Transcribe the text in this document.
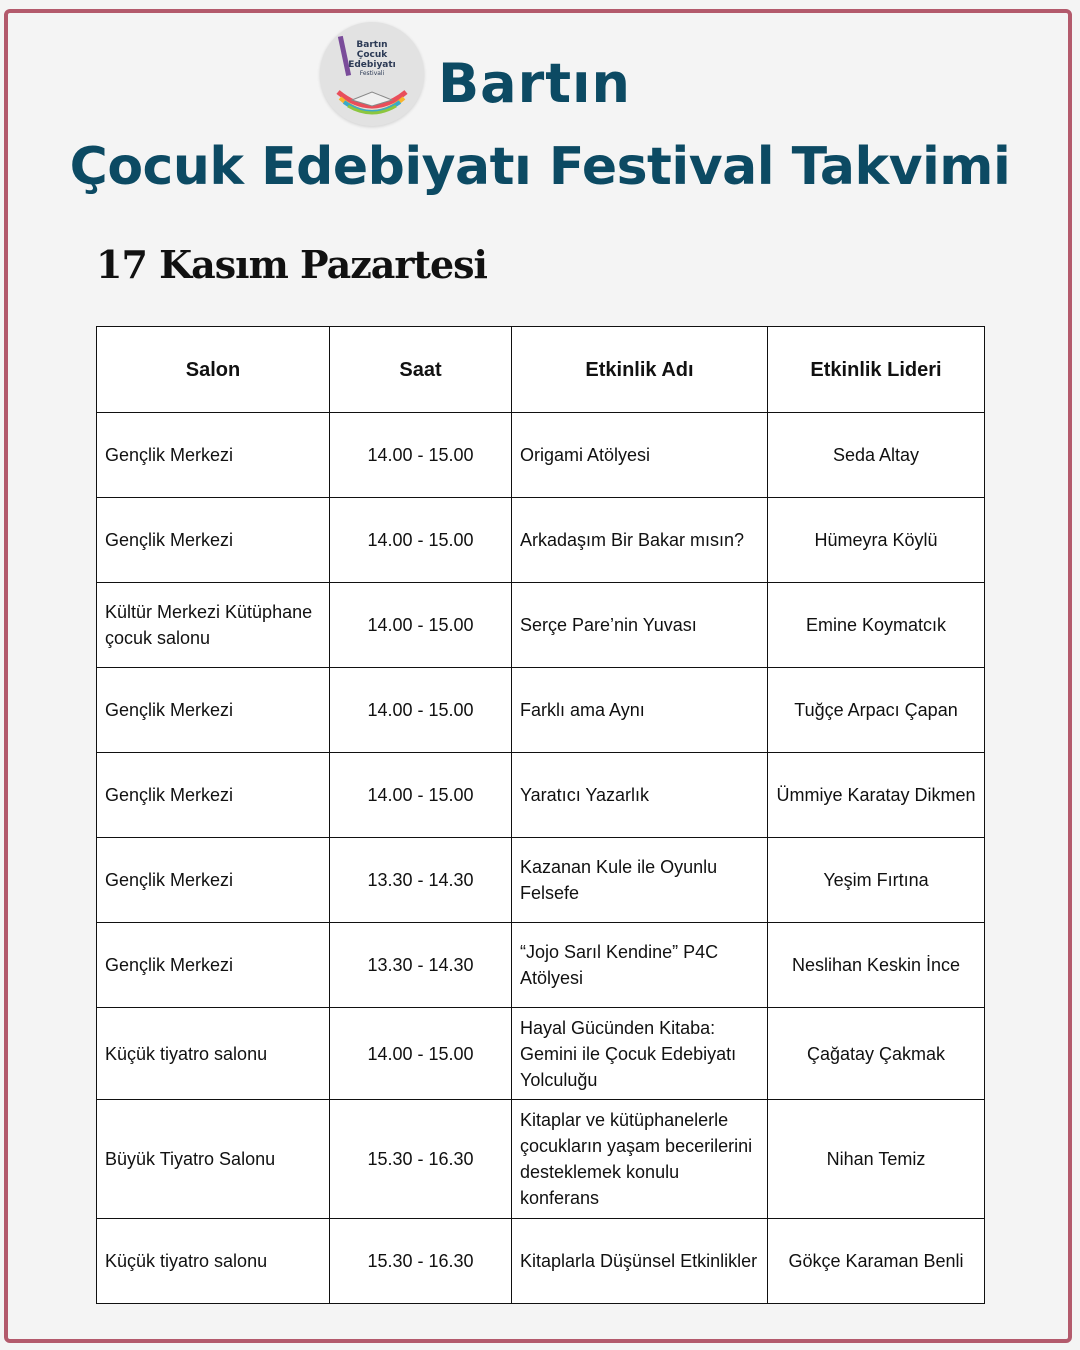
Bartın
Çocuk
Edebiyatı
Festivali Bartın
Çocuk Edebiyatı Festival Takvimi
17 Kasım Pazartesi
Salon	Saat	Etkinlik Adı	Etkinlik Lideri
Gençlik Merkezi	14.00 - 15.00	Origami Atölyesi	Seda Altay
Gençlik Merkezi	14.00 - 15.00	Arkadaşım Bir Bakar mısın?	Hümeyra Köylü
Kültür Merkezi Kütüphane çocuk salonu	14.00 - 15.00	Serçe Pare’nin Yuvası	Emine Koymatcık
Gençlik Merkezi	14.00 - 15.00	Farklı ama Aynı	Tuğçe Arpacı Çapan
Gençlik Merkezi	14.00 - 15.00	Yaratıcı Yazarlık	Ümmiye Karatay Dikmen
Gençlik Merkezi	13.30 - 14.30	Kazanan Kule ile Oyunlu Felsefe	Yeşim Fırtına
Gençlik Merkezi	13.30 - 14.30	“Jojo Sarıl Kendine” P4C Atölyesi	Neslihan Keskin İnce
Küçük tiyatro salonu	14.00 - 15.00	Hayal Gücünden Kitaba: Gemini ile Çocuk Edebiyatı Yolculuğu	Çağatay Çakmak
Büyük Tiyatro Salonu	15.30 - 16.30	Kitaplar ve kütüphanelerle çocukların yaşam becerilerini desteklemek konulu konferans	Nihan Temiz
Küçük tiyatro salonu	15.30 - 16.30	Kitaplarla Düşünsel Etkinlikler	Gökçe Karaman Benli
